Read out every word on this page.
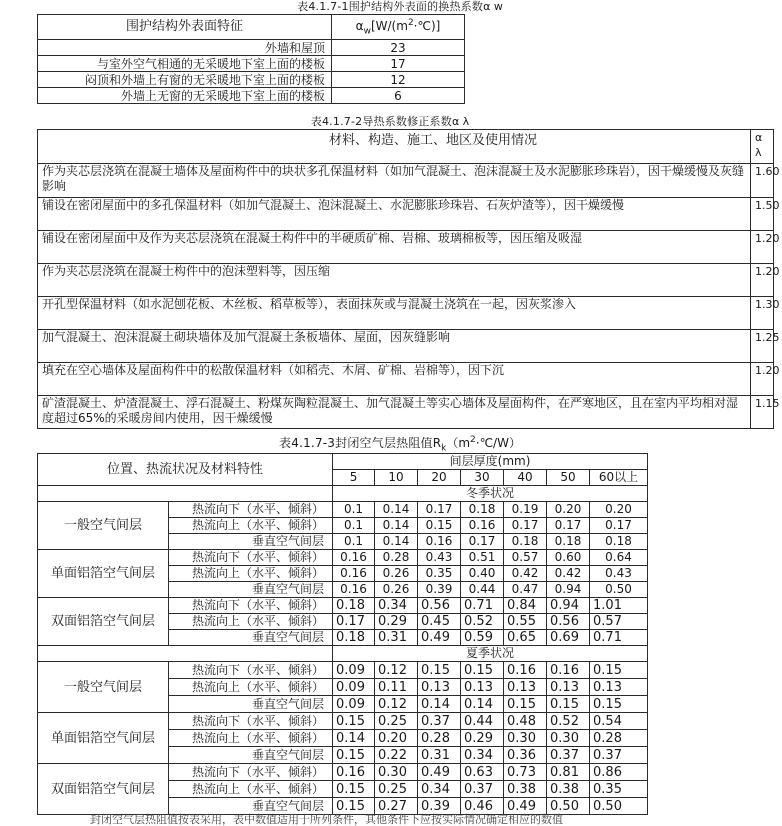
表4.1.7-1围护结构外表面的换热系数α w
围护结构外表面特征	$\alpha_w[W/(m^2\cdot℃)]$
外墙和屋顶	23
与室外空气相通的无采暖地下室上面的楼板	17
闷顶和外墙上有窗的无采暖地下室上面的楼板	12
外墙上无窗的无采暖地下室上面的楼板	6
表4.1.7-2导热系数修正系数α λ
材料、构造、施工、地区及使用情况	α λ
作为夹芯层浇筑在混凝土墙体及屋面构件中的块状多孔保温材料（如加气混凝土、泡沫混凝土及水泥膨胀珍珠岩），因干燥缓慢及灰缝影响	1.60
铺设在密闭屋面中的多孔保温材料（如加气混凝土、泡沫混凝土、水泥膨胀珍珠岩、石灰炉渣等），因干燥缓慢	1.50
铺设在密闭屋面中及作为夹芯层浇筑在混凝土构件中的半硬质矿棉、岩棉、玻璃棉板等，因压缩及吸湿	1.20
作为夹芯层浇筑在混凝土构件中的泡沫塑料等，因压缩	1.20
开孔型保温材料（如水泥刨花板、木丝板、稻草板等），表面抹灰或与混凝土浇筑在一起，因灰浆渗入	1.30
加气混凝土、泡沫混凝土砌块墙体及加气混凝土条板墙体、屋面，因灰缝影响	1.25
填充在空心墙体及屋面构件中的松散保温材料（如稻壳、木屑、矿棉、岩棉等），因下沉	1.20
矿渣混凝土、炉渣混凝土、浮石混凝土、粉煤灰陶粒混凝土、加气混凝土等实心墙体及屋面构件，在严寒地区，且在室内平均相对湿度超过65%的采暖房间内使用，因干燥缓慢	1.15
表4.1.7-3封闭空气层热阻值$R_k(m^2\cdot℃/W)$
位置、热流状况及材料特性		间层厚度(mm)						
		5	10	20	30	40	50	60以上
		冬季状况						
一般空气间层	热流向下（水平、倾斜）	0.1	0.14	0.17	0.18	0.19	0.20	0.20
	热流向上（水平、倾斜）	0.1	0.14	0.15	0.16	0.17	0.17	0.17
	垂直空气间层	0.1	0.14	0.16	0.17	0.18	0.18	0.18
单面铝箔空气间层	热流向下（水平、倾斜）	0.16	0.28	0.43	0.51	0.57	0.60	0.64
	热流向上（水平、倾斜）	0.16	0.26	0.35	0.40	0.42	0.42	0.43
	垂直空气间层	0.16	0.26	0.39	0.44	0.47	0.94	0.50
双面铝箔空气间层	热流向下（水平、倾斜）	0.18	0.34	0.56	0.71	0.84	0.94	1.01
	热流向上（水平、倾斜）	0.17	0.29	0.45	0.52	0.55	0.56	0.57
	垂直空气间层	0.18	0.31	0.49	0.59	0.65	0.69	0.71
		夏季状况						
一般空气间层	热流向下（水平、倾斜）	0.09	0.12	0.15	0.15	0.16	0.16	0.15
	热流向上（水平、倾斜）	0.09	0.11	0.13	0.13	0.13	0.13	0.13
	垂直空气间层	0.09	0.12	0.14	0.14	0.15	0.15	0.15
单面铝箔空气间层	热流向下（水平、倾斜）	0.15	0.25	0.37	0.44	0.48	0.52	0.54
	热流向上（水平、倾斜）	0.14	0.20	0.28	0.29	0.30	0.30	0.28
	垂直空气间层	0.15	0.22	0.31	0.34	0.36	0.37	0.37
双面铝箔空气间层	热流向下（水平、倾斜）	0.16	0.30	0.49	0.63	0.73	0.81	0.86
	热流向上（水平、倾斜）	0.15	0.25	0.34	0.37	0.38	0.38	0.35
	垂直空气间层	0.15	0.27	0.39	0.46	0.49	0.50	0.50
封闭空气层热阻值按表采用，表中数值适用于所列条件，其他条件下应按实际情况确定相应的数值
